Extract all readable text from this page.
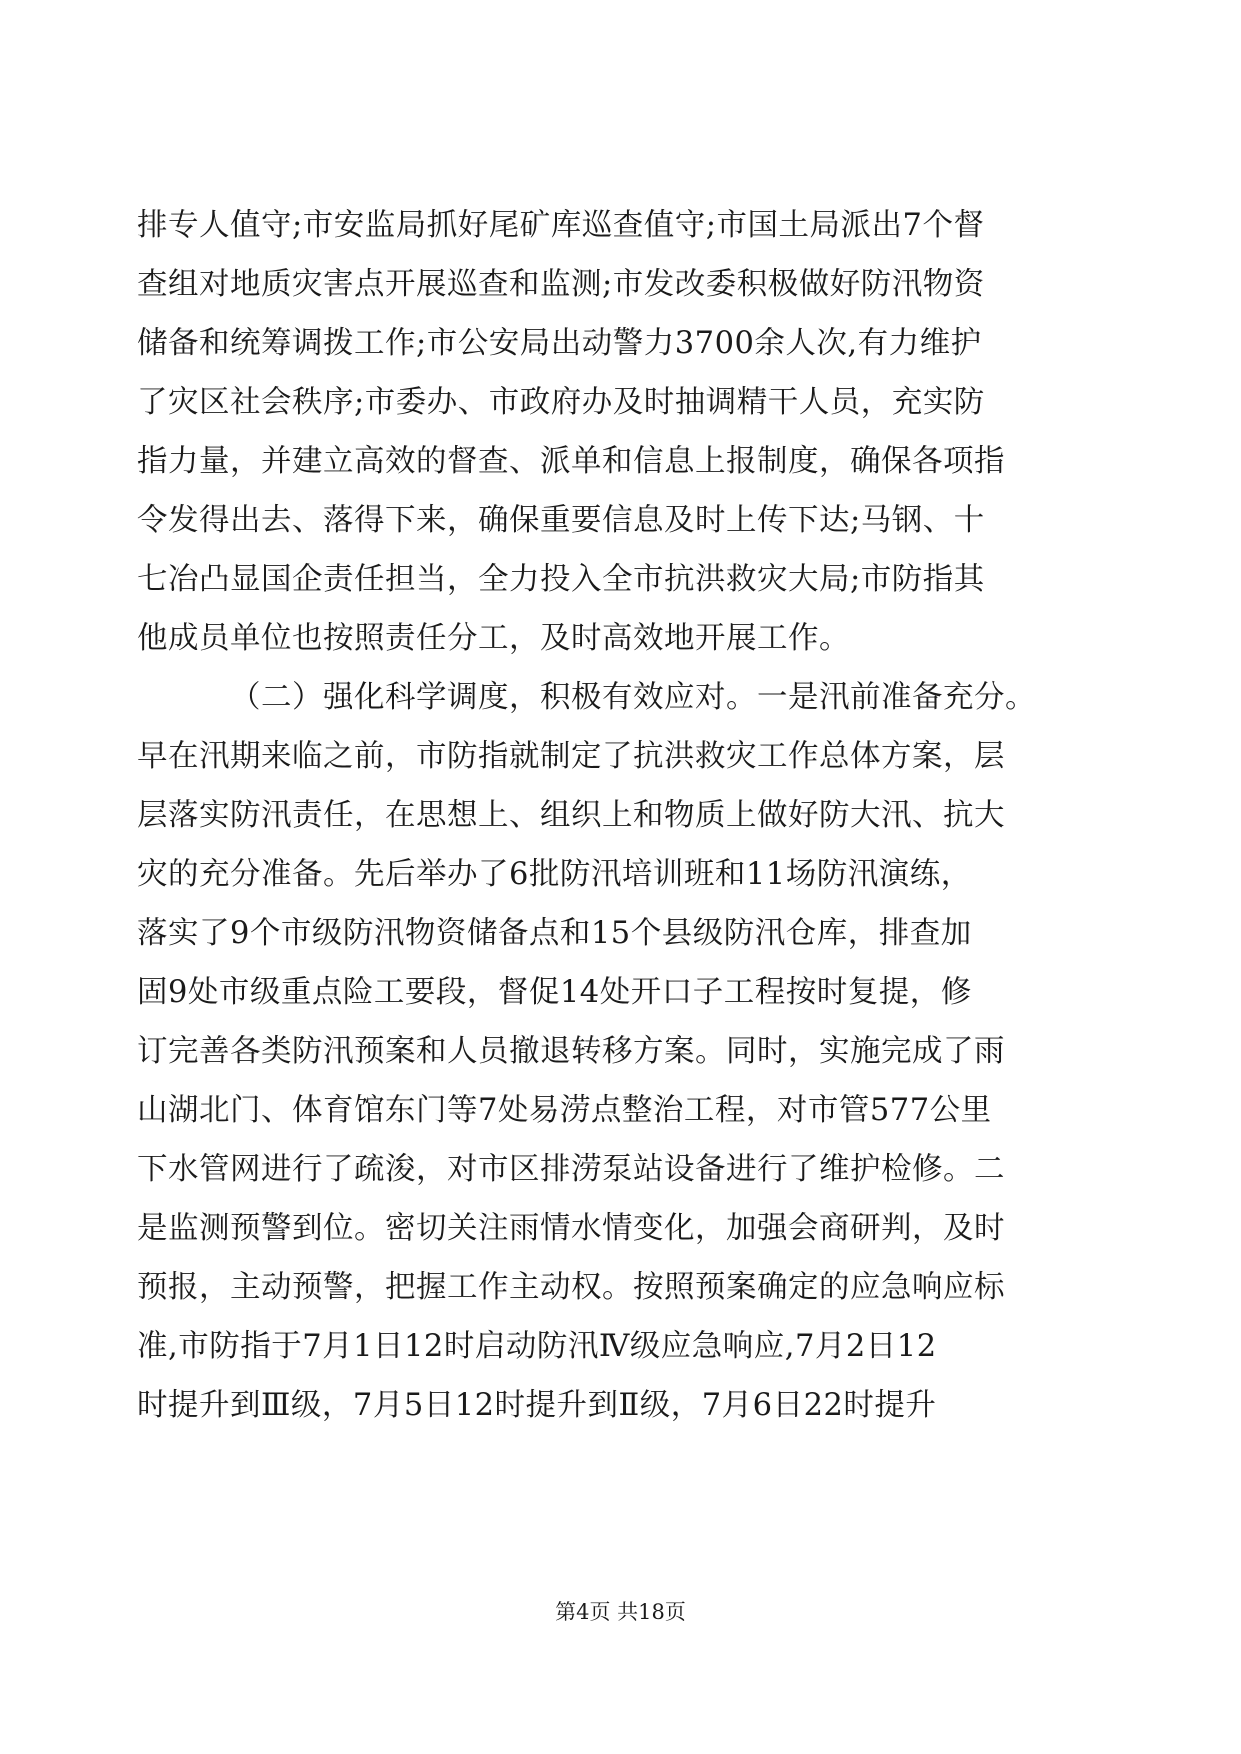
排专人值守;市安监局抓好尾矿库巡查值守;市国土局派出7个督
查组对地质灾害点开展巡查和监测;市发改委积极做好防汛物资
储备和统筹调拨工作;市公安局出动警力3700余人次,有力维护
了灾区社会秩序;市委办、市政府办及时抽调精干人员，充实防
指力量，并建立高效的督查、派单和信息上报制度，确保各项指
令发得出去、落得下来，确保重要信息及时上传下达;马钢、十
七冶凸显国企责任担当，全力投入全市抗洪救灾大局;市防指其
他成员单位也按照责任分工，及时高效地开展工作。
（二）强化科学调度，积极有效应对。一是汛前准备充分。
早在汛期来临之前，市防指就制定了抗洪救灾工作总体方案，层
层落实防汛责任，在思想上、组织上和物质上做好防大汛、抗大
灾的充分准备。先后举办了6批防汛培训班和11场防汛演练，
落实了9个市级防汛物资储备点和15个县级防汛仓库，排查加
固9处市级重点险工要段，督促14处开口子工程按时复提，修
订完善各类防汛预案和人员撤退转移方案。同时，实施完成了雨
山湖北门、体育馆东门等7处易涝点整治工程，对市管577公里
下水管网进行了疏浚，对市区排涝泵站设备进行了维护检修。二
是监测预警到位。密切关注雨情水情变化，加强会商研判，及时
预报，主动预警，把握工作主动权。按照预案确定的应急响应标
准,市防指于7月1日12时启动防汛Ⅳ级应急响应,7月2日12
时提升到Ⅲ级，7月5日12时提升到Ⅱ级，7月6日22时提升
第4页 共18页
